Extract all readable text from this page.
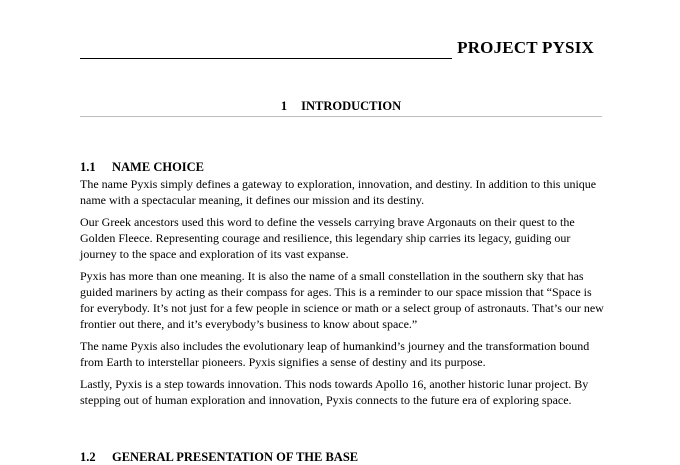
PROJECT PYSIX
1 INTRODUCTION
1.1 NAME CHOICE

The name Pyxis simply defines a gateway to exploration, innovation, and destiny. In addition to this unique name with a spectacular meaning, it defines our mission and its destiny.

Our Greek ancestors used this word to define the vessels carrying brave Argonauts on their quest to the Golden Fleece. Representing courage and resilience, this legendary ship carries its legacy, guiding our journey to the space and exploration of its vast expanse.

Pyxis has more than one meaning. It is also the name of a small constellation in the southern sky that has guided mariners by acting as their compass for ages. This is a reminder to our space mission that “Space is for everybody. It’s not just for a few people in science or math or a select group of astronauts. That’s our new frontier out there, and it’s everybody’s business to know about space.”

The name Pyxis also includes the evolutionary leap of humankind’s journey and the transformation bound from Earth to interstellar pioneers. Pyxis signifies a sense of destiny and its purpose.

Lastly, Pyxis is a step towards innovation. This nods towards Apollo 16, another historic lunar project. By stepping out of human exploration and innovation, Pyxis connects to the future era of exploring space.

1.2 GENERAL PRESENTATION OF THE BASE
